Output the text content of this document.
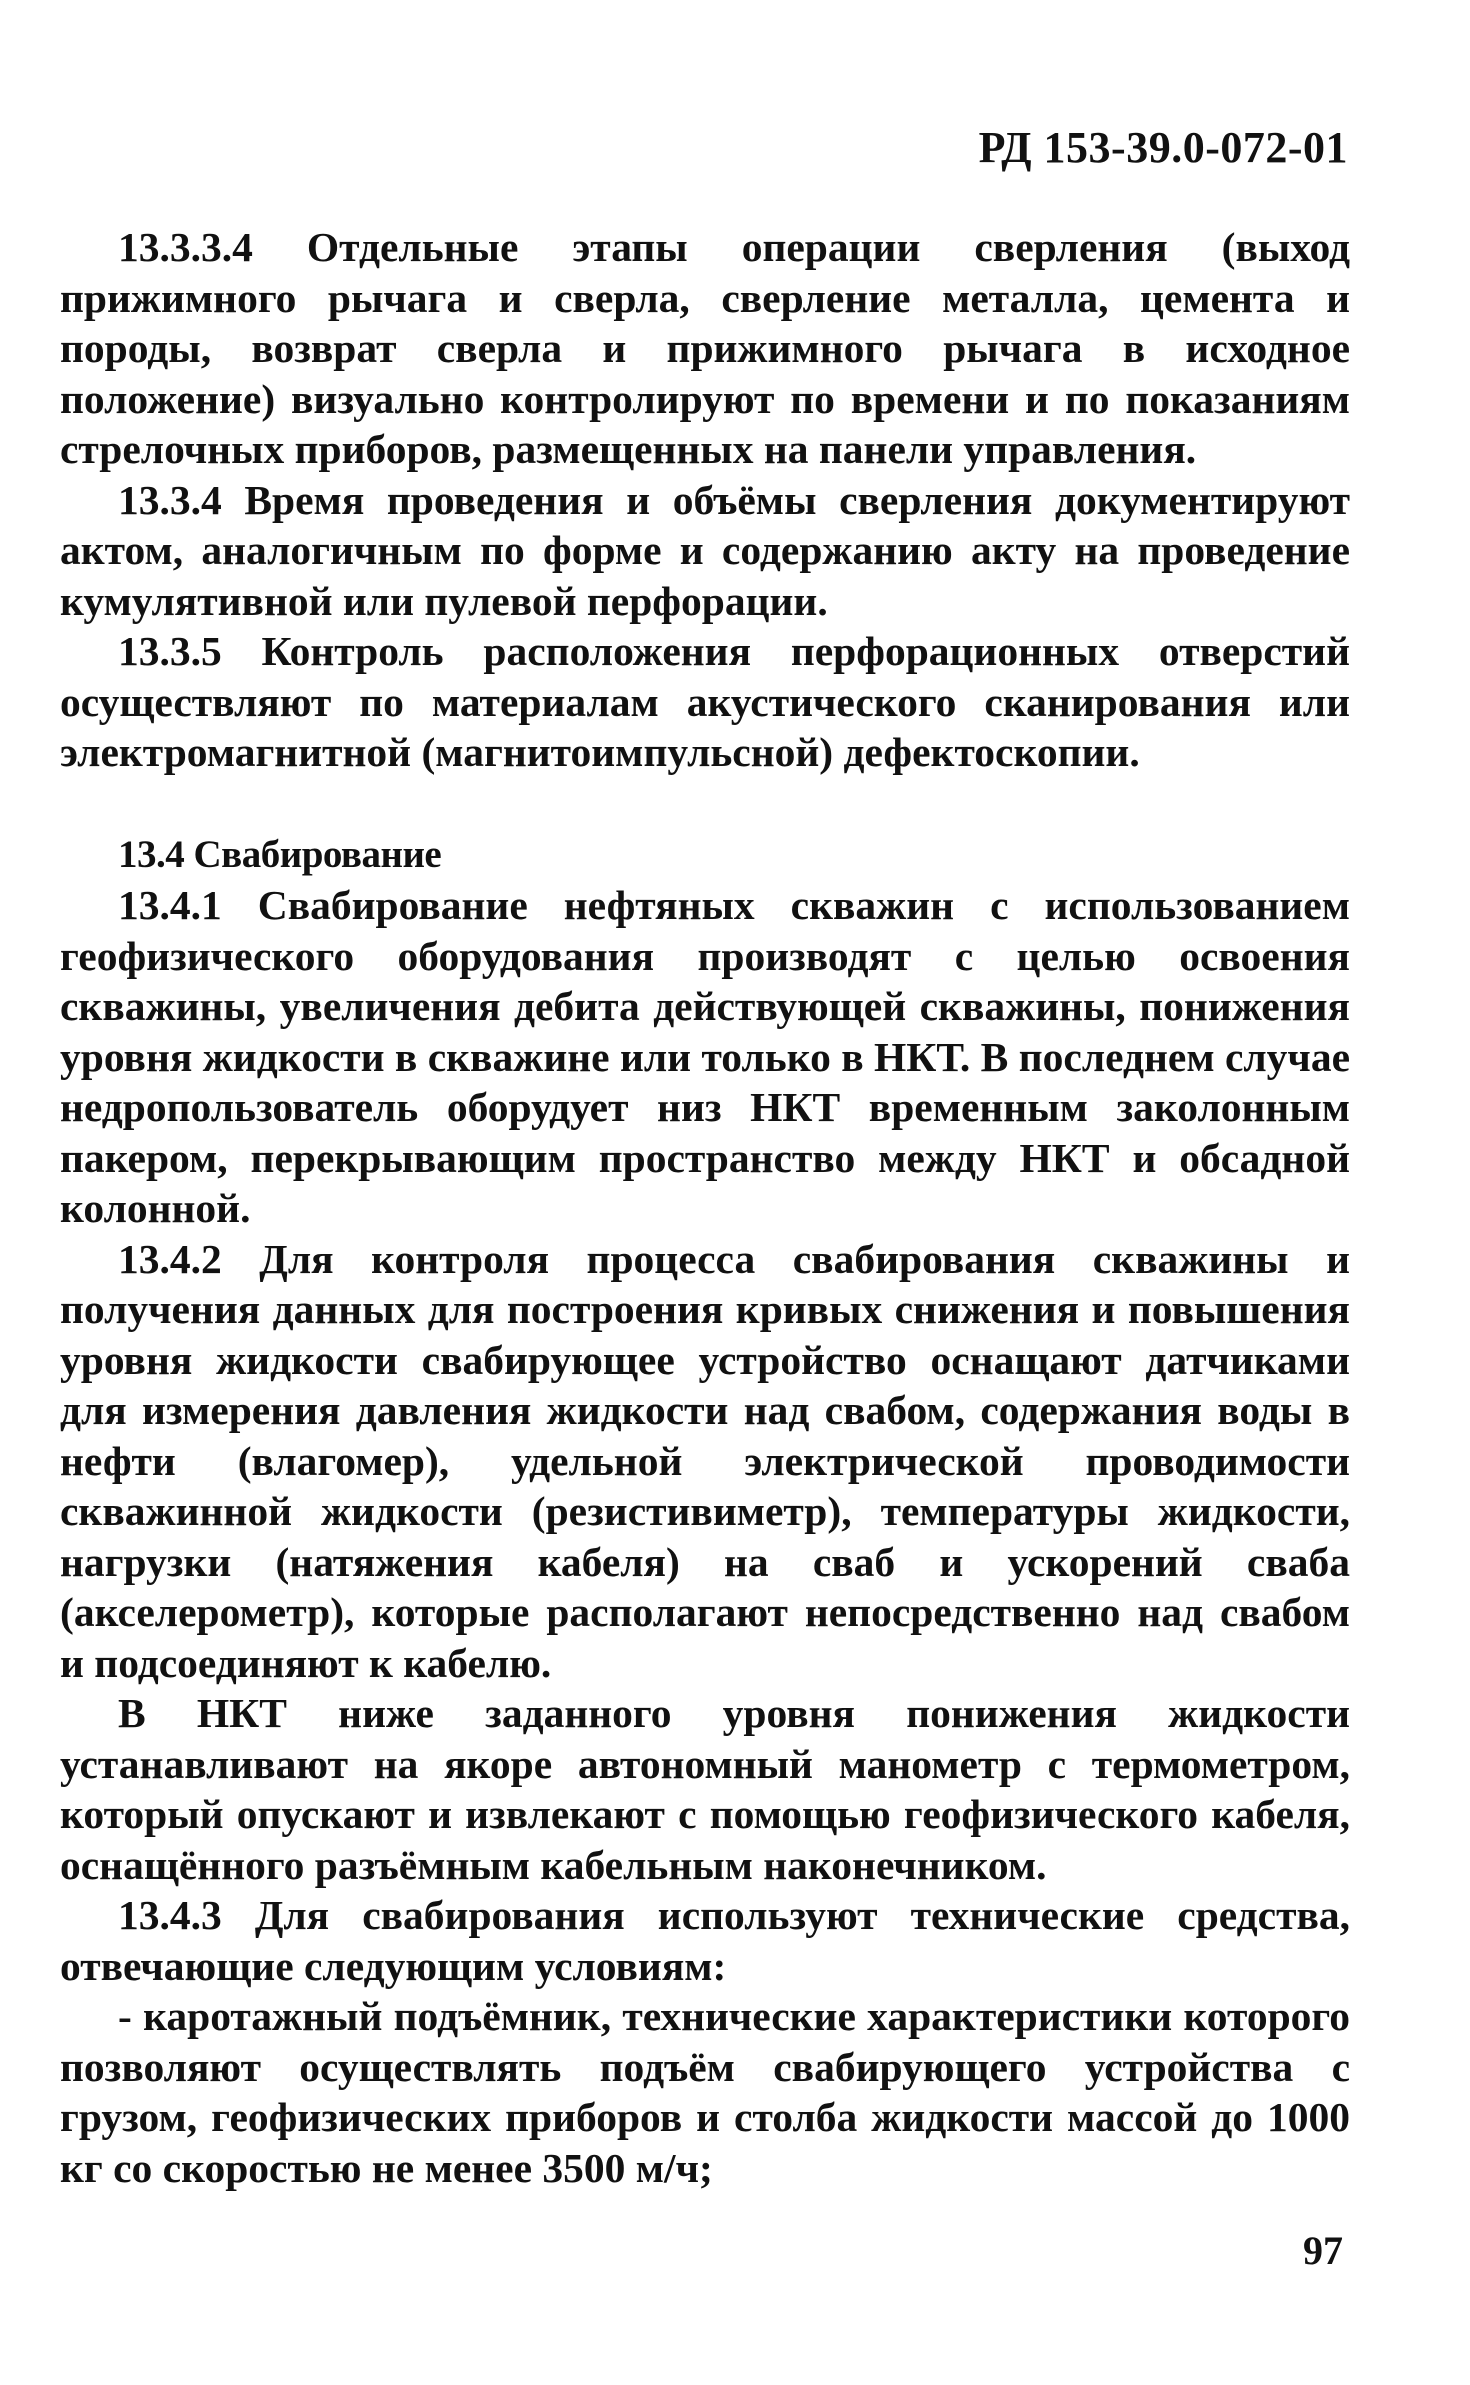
РД 153-39.0-072-01

13.3.3.4 Отдельные этапы операции сверления (выход прижимного рычага и сверла, сверление металла, цемента и породы, возврат сверла и прижимного рычага в исходное положение) визуально контролируют по времени и по показаниям стрелочных приборов, размещенных на панели управления.

13.3.4 Время проведения и объёмы сверления документируют актом, аналогичным по форме и содержанию акту на проведение кумулятивной или пулевой перфорации.

13.3.5 Контроль расположения перфорационных отверстий осуществляют по материалам акустического сканирования или электромагнитной (магнитоимпульсной) дефектоскопии.

13.4 Свабирование

13.4.1 Свабирование нефтяных скважин с использованием геофизического оборудования производят с целью освоения скважины, увеличения дебита действующей скважины, понижения уровня жидкости в скважине или только в НКТ. В последнем случае недропользователь оборудует низ НКТ временным заколонным пакером, перекрывающим пространство между НКТ и обсадной колонной.

13.4.2 Для контроля процесса свабирования скважины и получения данных для построения кривых снижения и повышения уровня жидкости свабирующее устройство оснащают датчиками для измерения давления жидкости над свабом, содержания воды в нефти (влагомер), удельной электрической проводимости скважинной жидкости (резистивиметр), температуры жидкости, нагрузки (натяжения кабеля) на сваб и ускорений сваба (акселерометр), которые располагают непосредственно над свабом и подсоединяют к кабелю.

В НКТ ниже заданного уровня понижения жидкости устанавливают на якоре автономный манометр с термометром, который опускают и извлекают с помощью геофизического кабеля, оснащённого разъёмным кабельным наконечником.

13.4.3 Для свабирования используют технические средства, отвечающие следующим условиям:

- каротажный подъёмник, технические характеристики которого позволяют осуществлять подъём свабирующего устройства с грузом, геофизических приборов и столба жидкости массой до 1000 кг со скоростью не менее 3500 м/ч;

97
